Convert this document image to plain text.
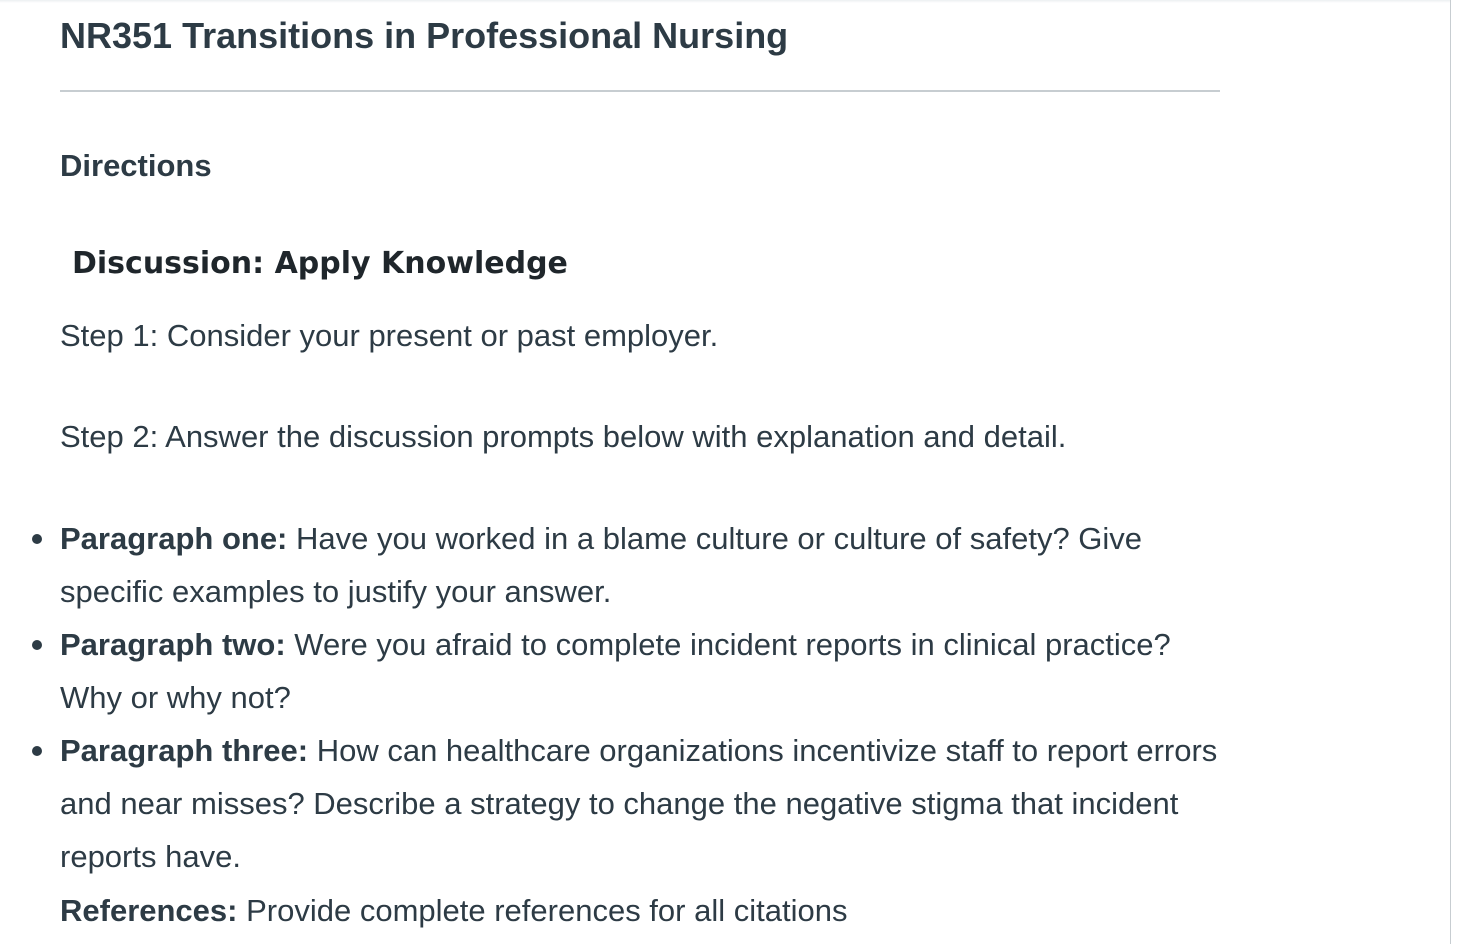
NR351 Transitions in Professional Nursing
Directions
Discussion: Apply Knowledge

Step 1: Consider your present or past employer.

Step 2: Answer the discussion prompts below with explanation and detail.

Paragraph one: Have you worked in a blame culture or culture of safety? Give specific examples to justify your answer.
Paragraph two: Were you afraid to complete incident reports in clinical practice? Why or why not?
Paragraph three: How can healthcare organizations incentivize staff to report errors and near misses? Describe a strategy to change the negative stigma that incident reports have.

References: Provide complete references for all citations
